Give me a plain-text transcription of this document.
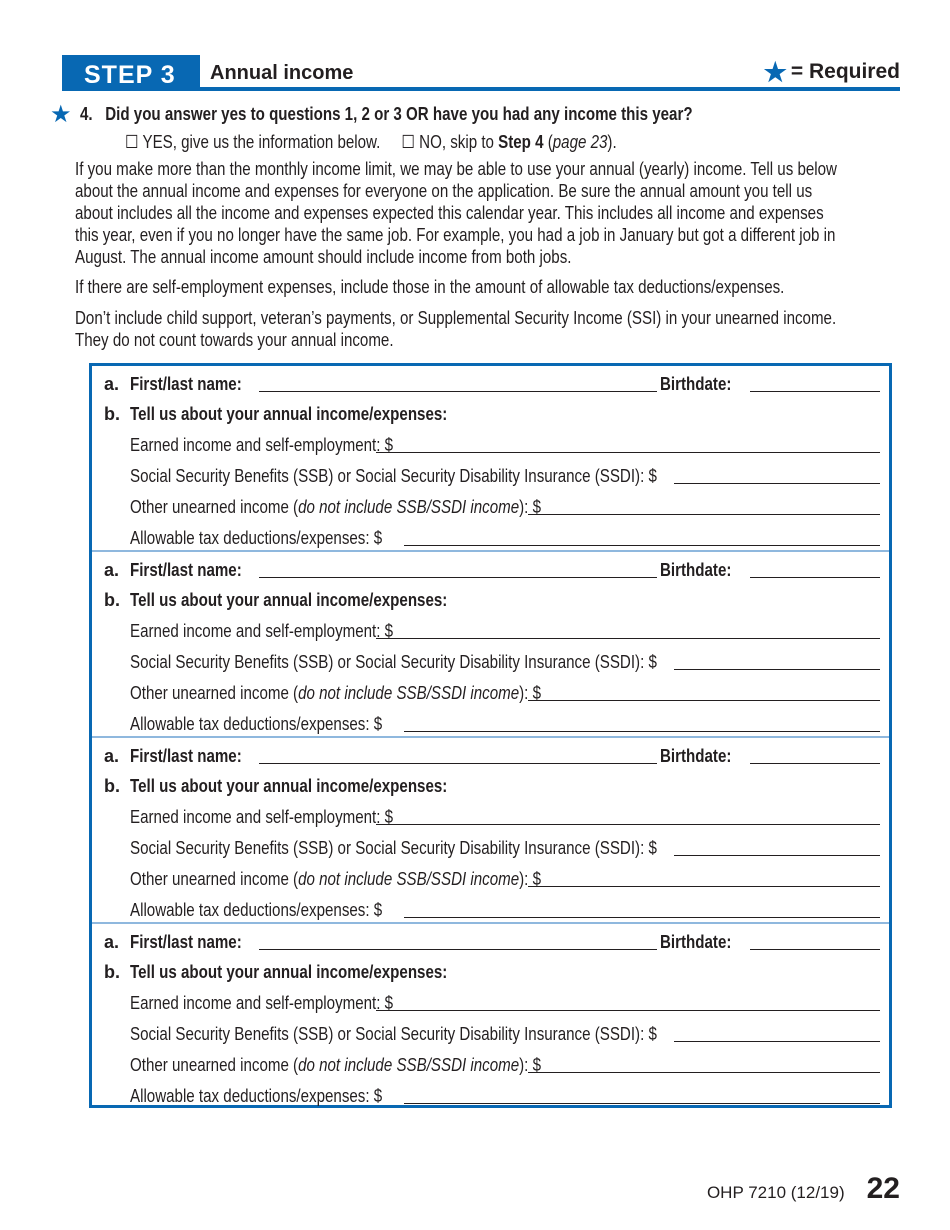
STEP 3	Annual income	★ = Required
★ 4. Did you answer yes to questions 1, 2 or 3 OR have you had any income this year?
☐ YES, give us the information below. ☐ NO, skip to Step 4 (page 23).
If you make more than the monthly income limit, we may be able to use your annual (yearly) income. Tell us below
about the annual income and expenses for everyone on the application. Be sure the annual amount you tell us
about includes all the income and expenses expected this calendar year. This includes all income and expenses
this year, even if you no longer have the same job. For example, you had a job in January but got a different job in
August. The annual income amount should include income from both jobs.
If there are self-employment expenses, include those in the amount of allowable tax deductions/expenses.
Don’t include child support, veteran’s payments, or Supplemental Security Income (SSI) in your unearned income.
They do not count towards your annual income.
a. First/last name:	Birthdate:
b. Tell us about your annual income/expenses:
Earned income and self-employment: $
Social Security Benefits (SSB) or Social Security Disability Insurance (SSDI): $
Other unearned income (do not include SSB/SSDI income): $
Allowable tax deductions/expenses: $
a. First/last name:	Birthdate:
b. Tell us about your annual income/expenses:
Earned income and self-employment: $
Social Security Benefits (SSB) or Social Security Disability Insurance (SSDI): $
Other unearned income (do not include SSB/SSDI income): $
Allowable tax deductions/expenses: $
a. First/last name:	Birthdate:
b. Tell us about your annual income/expenses:
Earned income and self-employment: $
Social Security Benefits (SSB) or Social Security Disability Insurance (SSDI): $
Other unearned income (do not include SSB/SSDI income): $
Allowable tax deductions/expenses: $
a. First/last name:	Birthdate:
b. Tell us about your annual income/expenses:
Earned income and self-employment: $
Social Security Benefits (SSB) or Social Security Disability Insurance (SSDI): $
Other unearned income (do not include SSB/SSDI income): $
Allowable tax deductions/expenses: $
OHP 7210 (12/19) 22
